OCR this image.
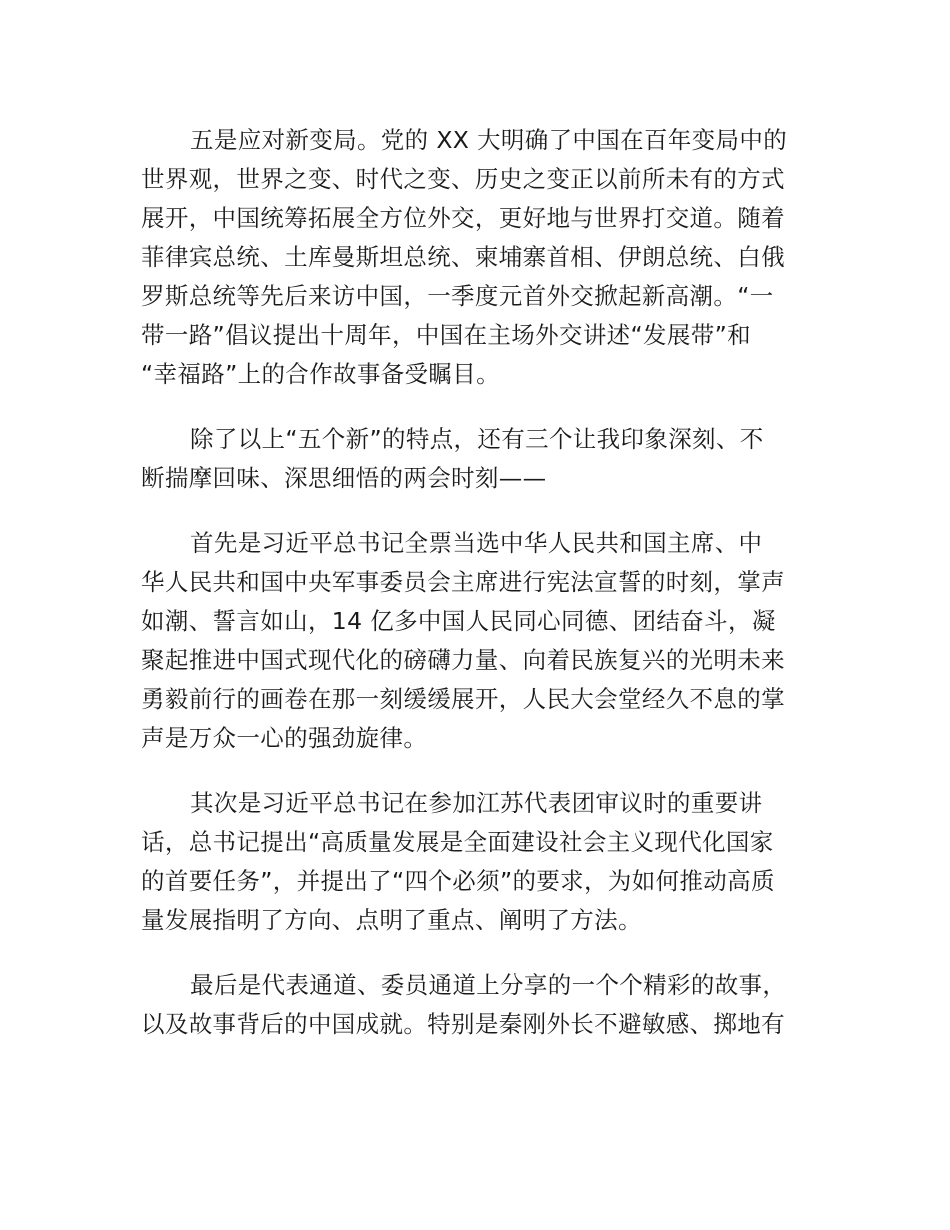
五是应对新变局。党的 XX 大明确了中国在百年变局中的
世界观，世界之变、时代之变、历史之变正以前所未有的方式
展开，中国统筹拓展全方位外交，更好地与世界打交道。随着
菲律宾总统、土库曼斯坦总统、柬埔寨首相、伊朗总统、白俄
罗斯总统等先后来访中国，一季度元首外交掀起新高潮。“一
带一路”倡议提出十周年，中国在主场外交讲述“发展带”和
“幸福路”上的合作故事备受瞩目。
除了以上“五个新”的特点，还有三个让我印象深刻、不
断揣摩回味、深思细悟的两会时刻——
首先是习近平总书记全票当选中华人民共和国主席、中
华人民共和国中央军事委员会主席进行宪法宣誓的时刻，掌声
如潮、誓言如山，14 亿多中国人民同心同德、团结奋斗，凝
聚起推进中国式现代化的磅礴力量、向着民族复兴的光明未来
勇毅前行的画卷在那一刻缓缓展开，人民大会堂经久不息的掌
声是万众一心的强劲旋律。
其次是习近平总书记在参加江苏代表团审议时的重要讲
话，总书记提出“高质量发展是全面建设社会主义现代化国家
的首要任务”，并提出了“四个必须”的要求，为如何推动高质
量发展指明了方向、点明了重点、阐明了方法。
最后是代表通道、委员通道上分享的一个个精彩的故事，
以及故事背后的中国成就。特别是秦刚外长不避敏感、掷地有
